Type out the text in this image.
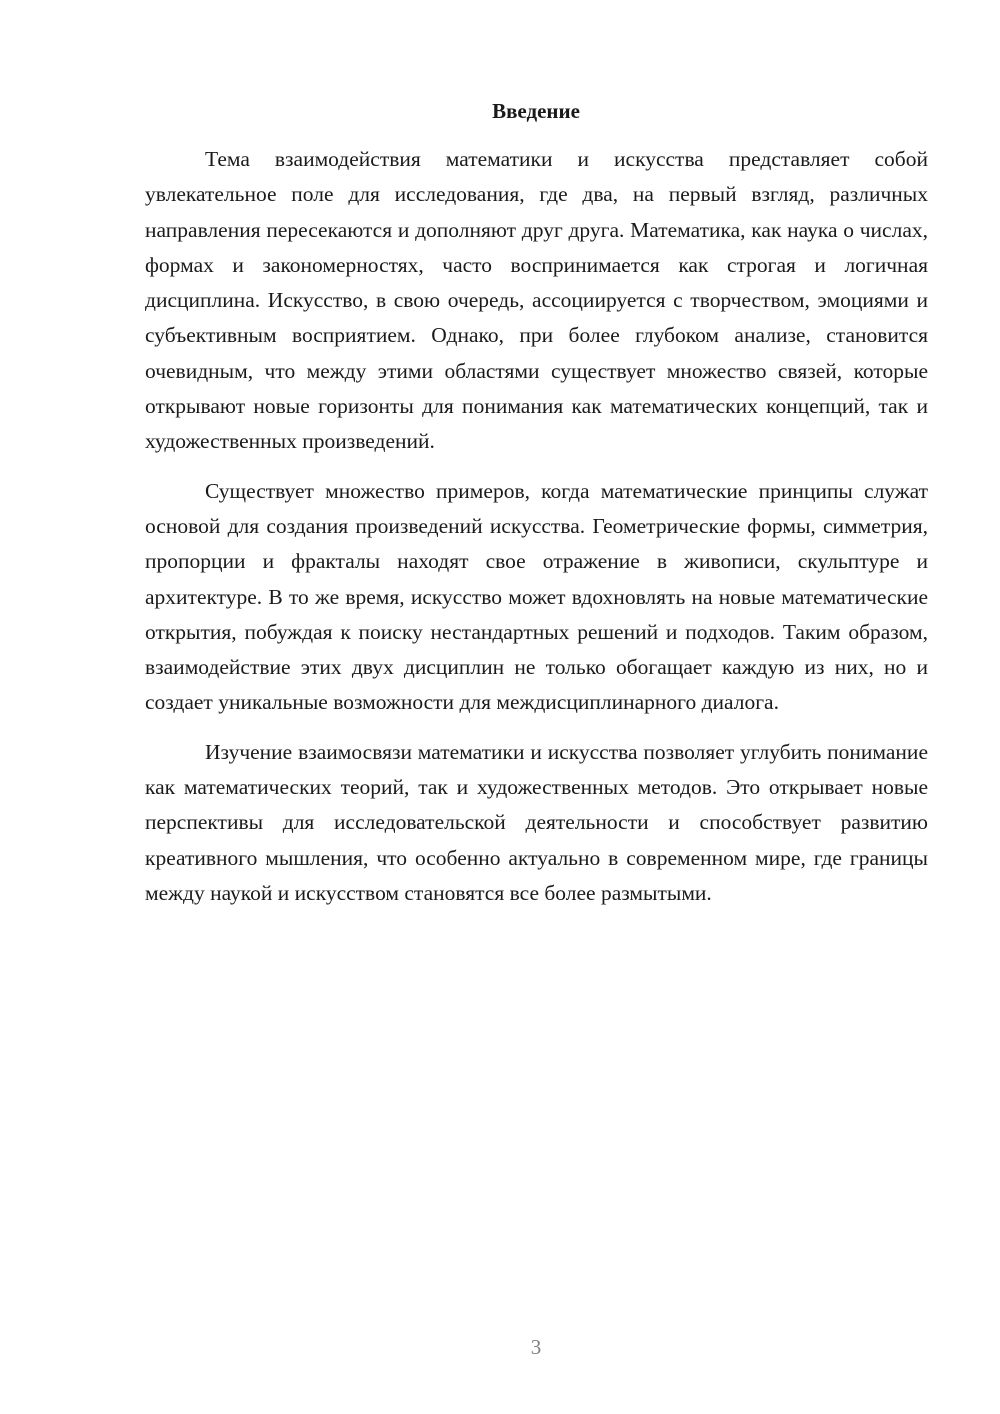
Введение

Тема взаимодействия математики и искусства представляет собой увлекательное поле для исследования, где два, на первый взгляд, различных направления пересекаются и дополняют друг друга. Математика, как наука о числах, формах и закономерностях, часто воспринимается как строгая и логичная дисциплина. Искусство, в свою очередь, ассоциируется с творчеством, эмоциями и субъективным восприятием. Однако, при более глубоком анализе, становится очевидным, что между этими областями существует множество связей, которые открывают новые горизонты для понимания как математических концепций, так и художественных произведений.

Существует множество примеров, когда математические принципы служат основой для создания произведений искусства. Геометрические формы, симметрия, пропорции и фракталы находят свое отражение в живописи, скульптуре и архитектуре. В то же время, искусство может вдохновлять на новые математические открытия, побуждая к поиску нестандартных решений и подходов. Таким образом, взаимодействие этих двух дисциплин не только обогащает каждую из них, но и создает уникальные возможности для междисциплинарного диалога.

Изучение взаимосвязи математики и искусства позволяет углубить понимание как математических теорий, так и художественных методов. Это открывает новые перспективы для исследовательской деятельности и способствует развитию креативного мышления, что особенно актуально в современном мире, где границы между наукой и искусством становятся все более размытыми.

3
